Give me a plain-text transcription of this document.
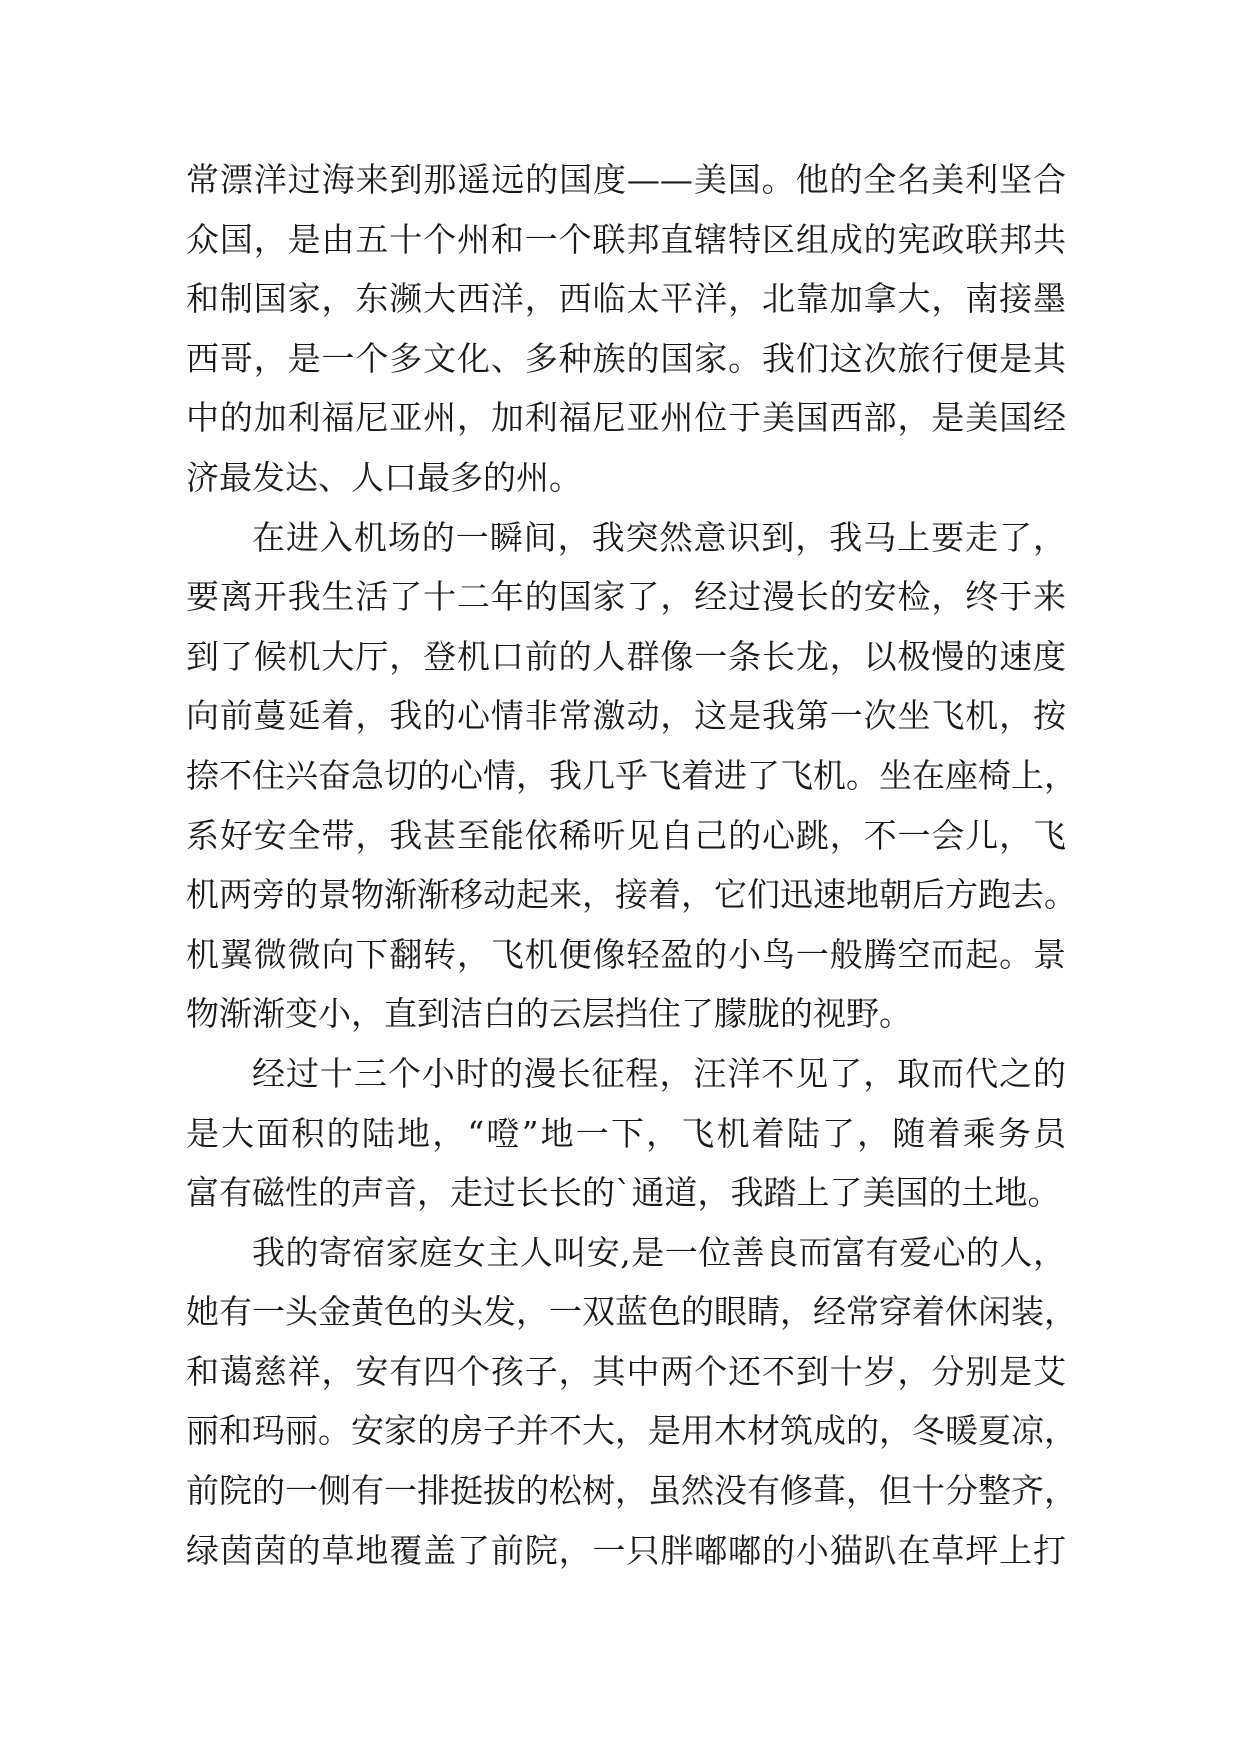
常漂洋过海来到那遥远的国度——美国。他的全名美利坚合
众国，是由五十个州和一个联邦直辖特区组成的宪政联邦共
和制国家，东濒大西洋，西临太平洋，北靠加拿大，南接墨
西哥，是一个多文化、多种族的国家。我们这次旅行便是其
中的加利福尼亚州，加利福尼亚州位于美国西部，是美国经
济最发达、人口最多的州。
在进入机场的一瞬间，我突然意识到，我马上要走了，
要离开我生活了十二年的国家了，经过漫长的安检，终于来
到了候机大厅，登机口前的人群像一条长龙，以极慢的速度
向前蔓延着，我的心情非常激动，这是我第一次坐飞机，按
捺不住兴奋急切的心情，我几乎飞着进了飞机。坐在座椅上，
系好安全带，我甚至能依稀听见自己的心跳，不一会儿，飞
机两旁的景物渐渐移动起来，接着，它们迅速地朝后方跑去。
机翼微微向下翻转，飞机便像轻盈的小鸟一般腾空而起。景
物渐渐变小，直到洁白的云层挡住了朦胧的视野。
经过十三个小时的漫长征程，汪洋不见了，取而代之的
是大面积的陆地，“噔”地一下，飞机着陆了，随着乘务员
富有磁性的声音，走过长长的`通道，我踏上了美国的土地。
我的寄宿家庭女主人叫安,是一位善良而富有爱心的人，
她有一头金黄色的头发，一双蓝色的眼睛，经常穿着休闲装，
和蔼慈祥，安有四个孩子，其中两个还不到十岁，分别是艾
丽和玛丽。安家的房子并不大，是用木材筑成的，冬暖夏凉，
前院的一侧有一排挺拔的松树，虽然没有修葺，但十分整齐，
绿茵茵的草地覆盖了前院，一只胖嘟嘟的小猫趴在草坪上打
